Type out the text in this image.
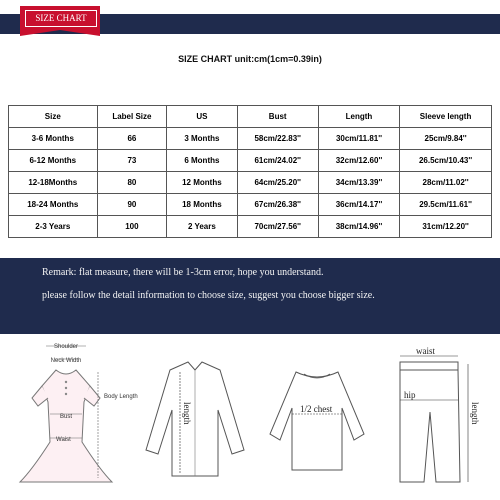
SIZE CHART
SIZE CHART unit:cm(1cm=0.39in)
Size	Label Size	US	Bust	Length	Sleeve length
3-6 Months	66	3 Months	58cm/22.83''	30cm/11.81''	25cm/9.84''
6-12 Months	73	6 Months	61cm/24.02''	32cm/12.60''	26.5cm/10.43''
12-18Months	80	12 Months	64cm/25.20''	34cm/13.39''	28cm/11.02''
18-24 Months	90	18 Months	67cm/26.38''	36cm/14.17''	29.5cm/11.61''
2-3 Years	100	2 Years	70cm/27.56''	38cm/14.96''	31cm/12.20''
Remark: flat measure, there will be 1-3cm error, hope you understand.
please follow the detail information to choose size, suggest you choose bigger size.
Shoulder
Neck Width
Body Length
Bust
Waist
length	1/2 chest
waist
hip
length
